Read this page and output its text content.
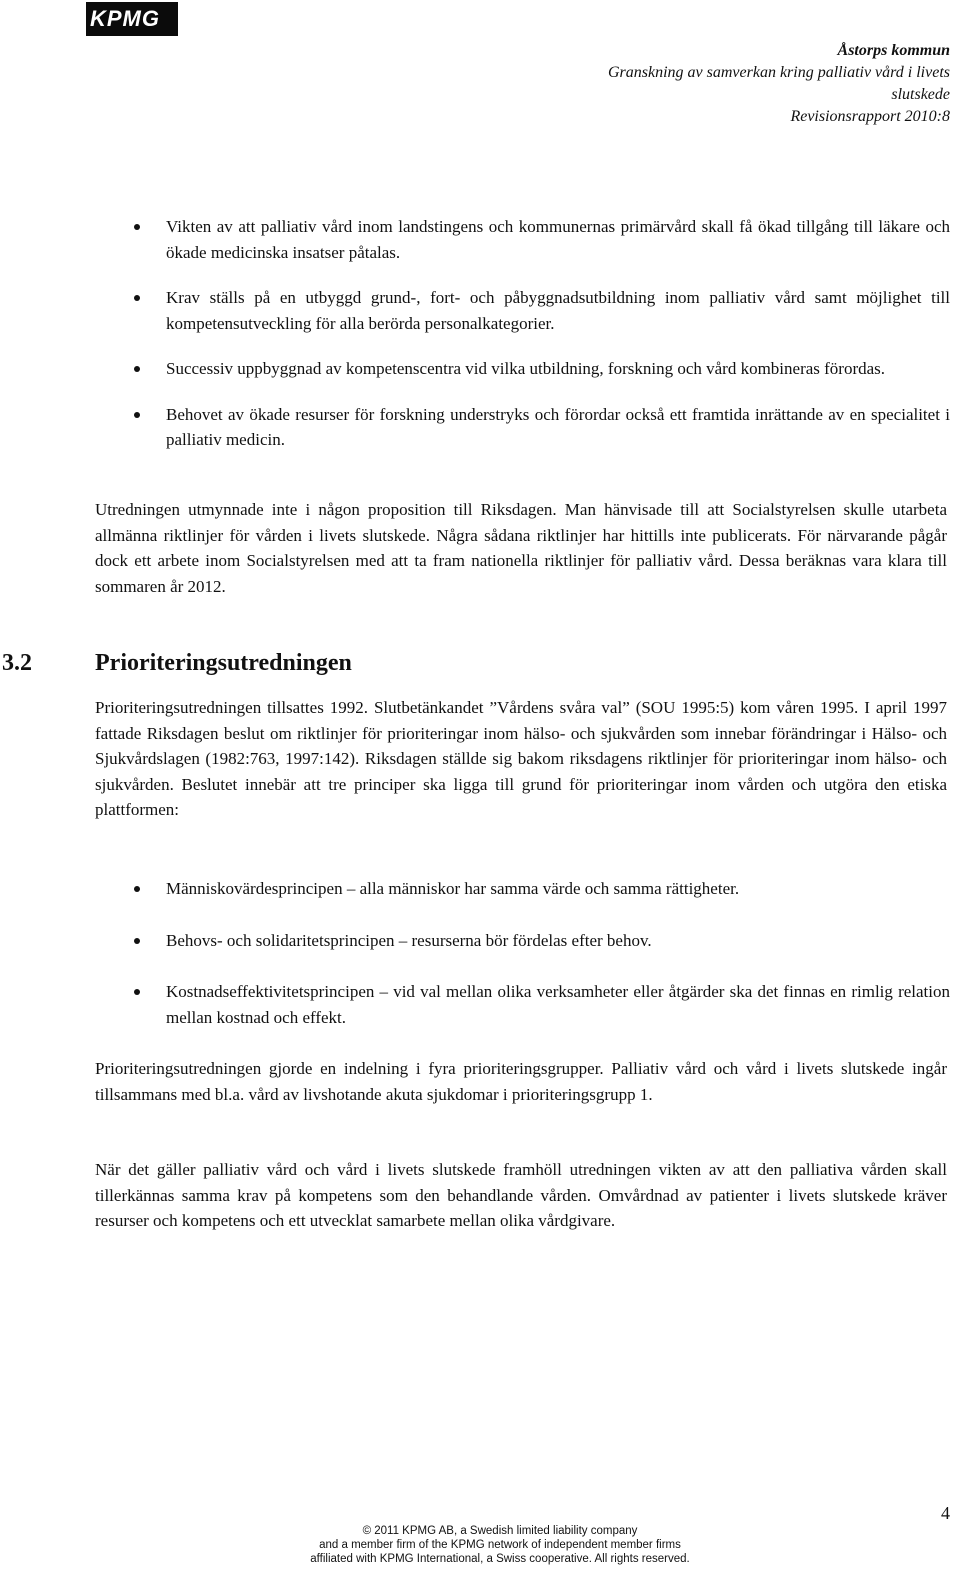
KPMG
Åstorps kommun
Granskning av samverkan kring palliativ vård i livets
slutskede
Revisionsrapport 2010:8
Vikten av att palliativ vård inom landstingens och kommunernas primärvård skall få ökad tillgång till läkare och ökade medicinska insatser påtalas.
Krav ställs på en utbyggd grund-, fort- och påbyggnadsutbildning inom palliativ vård samt möjlighet till kompetensutveckling för alla berörda personalkategorier.
Successiv uppbyggnad av kompetenscentra vid vilka utbildning, forskning och vård kombineras förordas.
Behovet av ökade resurser för forskning understryks och förordar också ett framtida inrättande av en specialitet i palliativ medicin.

Utredningen utmynnade inte i någon proposition till Riksdagen. Man hänvisade till att Socialstyrelsen skulle utarbeta allmänna riktlinjer för vården i livets slutskede. Några sådana riktlinjer har hittills inte publicerats. För närvarande pågår dock ett arbete inom Socialstyrelsen med att ta fram nationella riktlinjer för palliativ vård. Dessa beräknas vara klara till sommaren år 2012.

3.2	Prioriteringsutredningen

Prioriteringsutredningen tillsattes 1992. Slutbetänkandet ”Vårdens svåra val” (SOU 1995:5) kom våren 1995. I april 1997 fattade Riksdagen beslut om riktlinjer för prioriteringar inom hälso- och sjukvården som innebar förändringar i Hälso- och Sjukvårdslagen (1982:763, 1997:142). Riksdagen ställde sig bakom riksdagens riktlinjer för prioriteringar inom hälso- och sjukvården. Beslutet innebär att tre principer ska ligga till grund för prioriteringar inom vården och utgöra den etiska plattformen:

Människovärdesprincipen – alla människor har samma värde och samma rättigheter.
Behovs- och solidaritetsprincipen – resurserna bör fördelas efter behov.
Kostnadseffektivitetsprincipen – vid val mellan olika verksamheter eller åtgärder ska det finnas en rimlig relation mellan kostnad och effekt.

Prioriteringsutredningen gjorde en indelning i fyra prioriteringsgrupper. Palliativ vård och vård i livets slutskede ingår tillsammans med bl.a. vård av livshotande akuta sjukdomar i prioriteringsgrupp 1.

När det gäller palliativ vård och vård i livets slutskede framhöll utredningen vikten av att den palliativa vården skall tillerkännas samma krav på kompetens som den behandlande vården. Omvårdnad av patienter i livets slutskede kräver resurser och kompetens och ett utvecklat samarbete mellan olika vårdgivare.

4
© 2011 KPMG AB, a Swedish limited liability company
and a member firm of the KPMG network of independent member firms
affiliated with KPMG International, a Swiss cooperative. All rights reserved.
